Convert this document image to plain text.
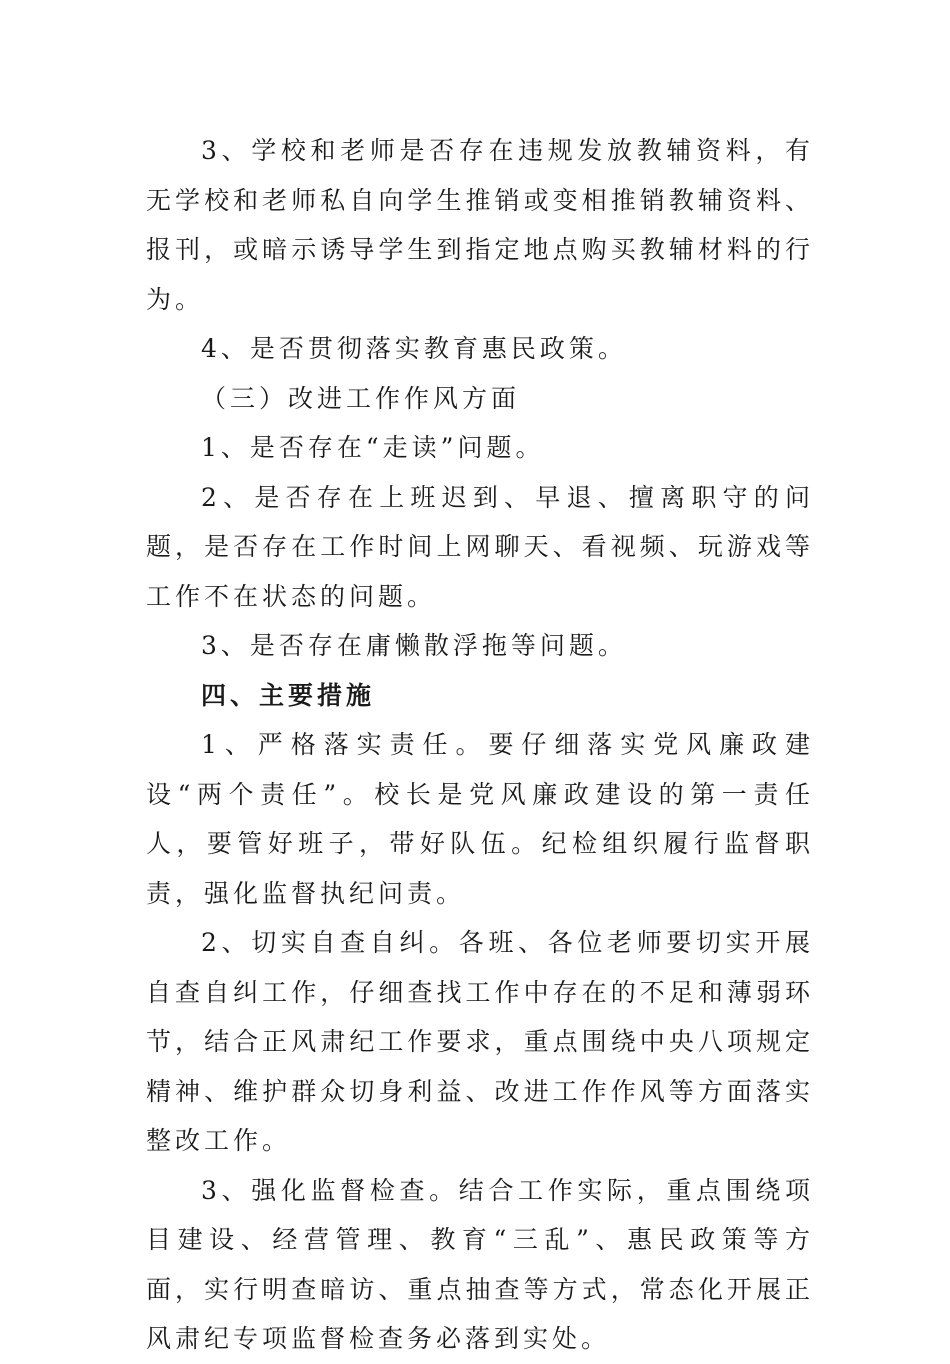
3、学校和老师是否存在违规发放教辅资料，有无学校和老师私自向学生推销或变相推销教辅资料、报刊，或暗示诱导学生到指定地点购买教辅材料的行为。

4、是否贯彻落实教育惠民政策。

（三）改进工作作风方面

1、是否存在“走读”问题。

2、是否存在上班迟到、早退、擅离职守的问题，是否存在工作时间上网聊天、看视频、玩游戏等工作不在状态的问题。

3、是否存在庸懒散浮拖等问题。

四、主要措施

1、严格落实责任。要仔细落实党风廉政建设“两个责任”。校长是党风廉政建设的第一责任人，要管好班子，带好队伍。纪检组织履行监督职责，强化监督执纪问责。

2、切实自查自纠。各班、各位老师要切实开展自查自纠工作，仔细查找工作中存在的不足和薄弱环节，结合正风肃纪工作要求，重点围绕中央八项规定精神、维护群众切身利益、改进工作作风等方面落实整改工作。

3、强化监督检查。结合工作实际，重点围绕项目建设、经营管理、教育“三乱”、惠民政策等方面，实行明查暗访、重点抽查等方式，常态化开展正风肃纪专项监督检查务必落到实处。
